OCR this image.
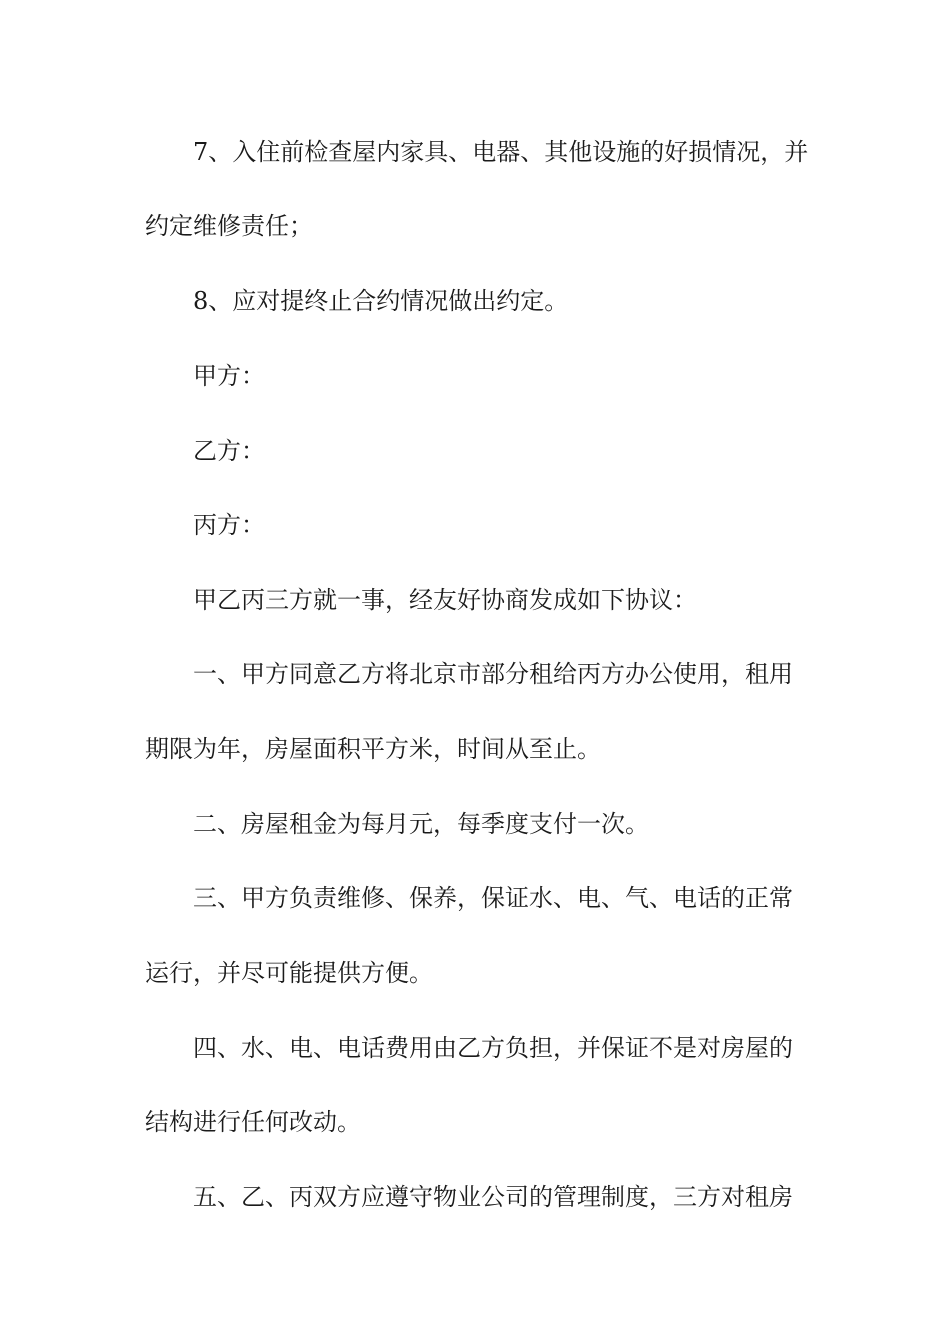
7、入住前检查屋内家具、电器、其他设施的好损情况，并
约定维修责任；
8、应对提终止合约情况做出约定。
甲方：
乙方：
丙方：
甲乙丙三方就一事，经友好协商发成如下协议：
一、甲方同意乙方将北京市部分租给丙方办公使用，租用
期限为年，房屋面积平方米，时间从至止。
二、房屋租金为每月元，每季度支付一次。
三、甲方负责维修、保养，保证水、电、气、电话的正常
运行，并尽可能提供方便。
四、水、电、电话费用由乙方负担，并保证不是对房屋的
结构进行任何改动。
五、乙、丙双方应遵守物业公司的管理制度，三方对租房
